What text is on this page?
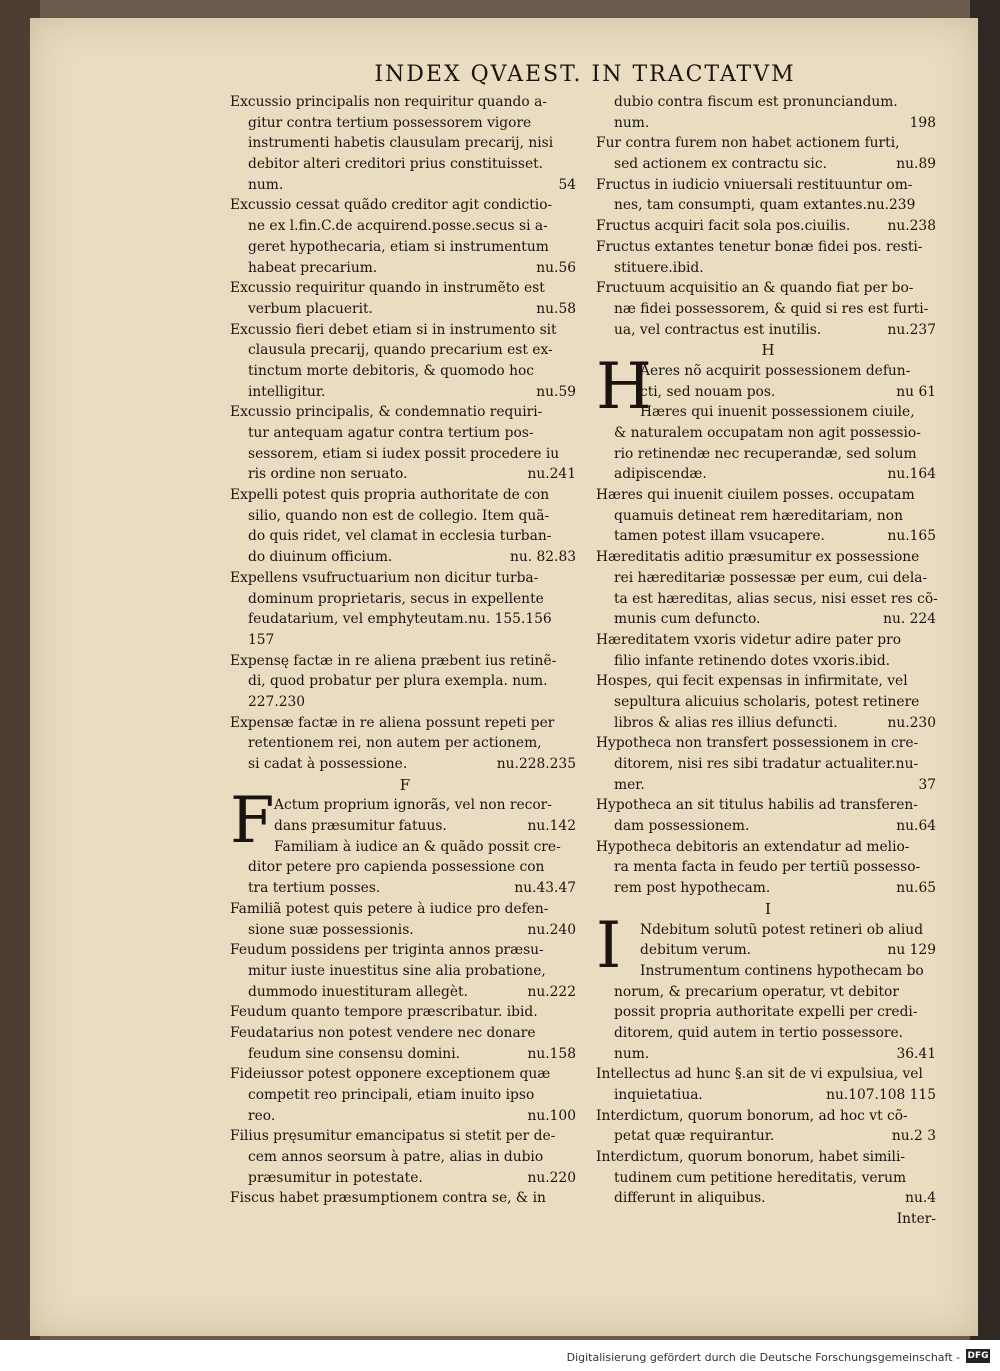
INDEX QVAEST. IN TRACTATVM
Excussio principalis non requiritur quando a-
gitur contra tertium possessorem vigore
instrumenti habetis clausulam precarij, nisi
debitor alteri creditori prius constituisset.
num.	54
Excussio cessat quãdo creditor agit condictio-
ne ex l.fin.C.de acquirend.posse.secus si a-
geret hypothecaria, etiam si instrumentum
habeat precarium.	nu.56
Excussio requiritur quando in instrumẽto est
verbum placuerit.	nu.58
Excussio fieri debet etiam si in instrumento sit
clausula precarij, quando precarium est ex-
tinctum morte debitoris, & quomodo hoc
intelligitur.	nu.59
Excussio principalis, & condemnatio requiri-
tur antequam agatur contra tertium pos-
sessorem, etiam si iudex possit procedere iu
ris ordine non seruato.	nu.241
Expelli potest quis propria authoritate de con
silio, quando non est de collegio. Item quã-
do quis ridet, vel clamat in ecclesia turban-
do diuinum officium.	nu. 82.83
Expellens vsufructuarium non dicitur turba-
dominum proprietaris, secus in expellente
feudatarium, vel emphyteutam.nu. 155.156
157
Expensę factæ in re aliena præbent ius retinẽ-
di, quod probatur per plura exempla. num.
227.230
Expensæ factæ in re aliena possunt repeti per
retentionem rei, non autem per actionem,
si cadat à possessione.	nu.228.235
F
F Actum proprium ignorãs, vel non recor-
dans præsumitur fatuus.	nu.142
Familiam à iudice an & quãdo possit cre-
ditor petere pro capienda possessione con
tra tertium posses.	nu.43.47
Familiã potest quis petere à iudice pro defen-
sione suæ possessionis.	nu.240
Feudum possidens per triginta annos præsu-
mitur iuste inuestitus sine alia probatione,
dummodo inuestituram allegèt.	nu.222
Feudum quanto tempore præscribatur. ibid.
Feudatarius non potest vendere nec donare
feudum sine consensu domini.	nu.158
Fideiussor potest opponere exceptionem quæ
competit reo principali, etiam inuito ipso
reo.	nu.100
Filius pręsumitur emancipatus si stetit per de-
cem annos seorsum à patre, alias in dubio
præsumitur in potestate.	nu.220
Fiscus habet præsumptionem contra se, & in
dubio contra fiscum est pronunciandum.
num.	198
Fur contra furem non habet actionem furti,
sed actionem ex contractu sic.	nu.89
Fructus in iudicio vniuersali restituuntur om-
nes, tam consumpti, quam extantes.nu.239
Fructus acquiri facit sola pos.ciuilis.	nu.238
Fructus extantes tenetur bonæ fidei pos. resti-
stituere.ibid.
Fructuum acquisitio an & quando fiat per bo-
næ fidei possessorem, & quid si res est furti-
ua, vel contractus est inutilis.	nu.237
H
H
Aeres nõ acquirit possessionem defun-
cti, sed nouam pos.	nu 61
Hæres qui inuenit possessionem ciuile,
& naturalem occupatam non agit possessio-
rio retinendæ nec recuperandæ, sed solum
adipiscendæ.	nu.164
Hæres qui inuenit ciuilem posses. occupatam
quamuis detineat rem hæreditariam, non
tamen potest illam vsucapere.	nu.165
Hæreditatis aditio præsumitur ex possessione
rei hæreditariæ possessæ per eum, cui dela-
ta est hæreditas, alias secus, nisi esset res cõ-
munis cum defuncto.	nu. 224
Hæreditatem vxoris videtur adire pater pro
filio infante retinendo dotes vxoris.ibid.
Hospes, qui fecit expensas in infirmitate, vel
sepultura alicuius scholaris, potest retinere
libros & alias res illius defuncti.	nu.230
Hypotheca non transfert possessionem in cre-
ditorem, nisi res sibi tradatur actualiter.nu-
mer.	37
Hypotheca an sit titulus habilis ad transferen-
dam possessionem.	nu.64
Hypotheca debitoris an extendatur ad melio-
ra menta facta in feudo per tertiũ possesso-
rem post hypothecam.	nu.65
I
I Ndebitum solutũ potest retineri ob aliud
debitum verum.	nu 129
Instrumentum continens hypothecam bo
norum, & precarium operatur, vt debitor
possit propria authoritate expelli per credi-
ditorem, quid autem in tertio possessore.
num.	36.41
Intellectus ad hunc §.an sit de vi expulsiua, vel
inquietatiua.	nu.107.108 115
Interdictum, quorum bonorum, ad hoc vt cõ-
petat quæ requirantur.	nu.2 3
Interdictum, quorum bonorum, habet simili-
tudinem cum petitione hereditatis, verum
differunt in aliquibus.	nu.4
Inter-
Digitalisierung gefördert durch die Deutsche Forschungsgemeinschaft - DFG
